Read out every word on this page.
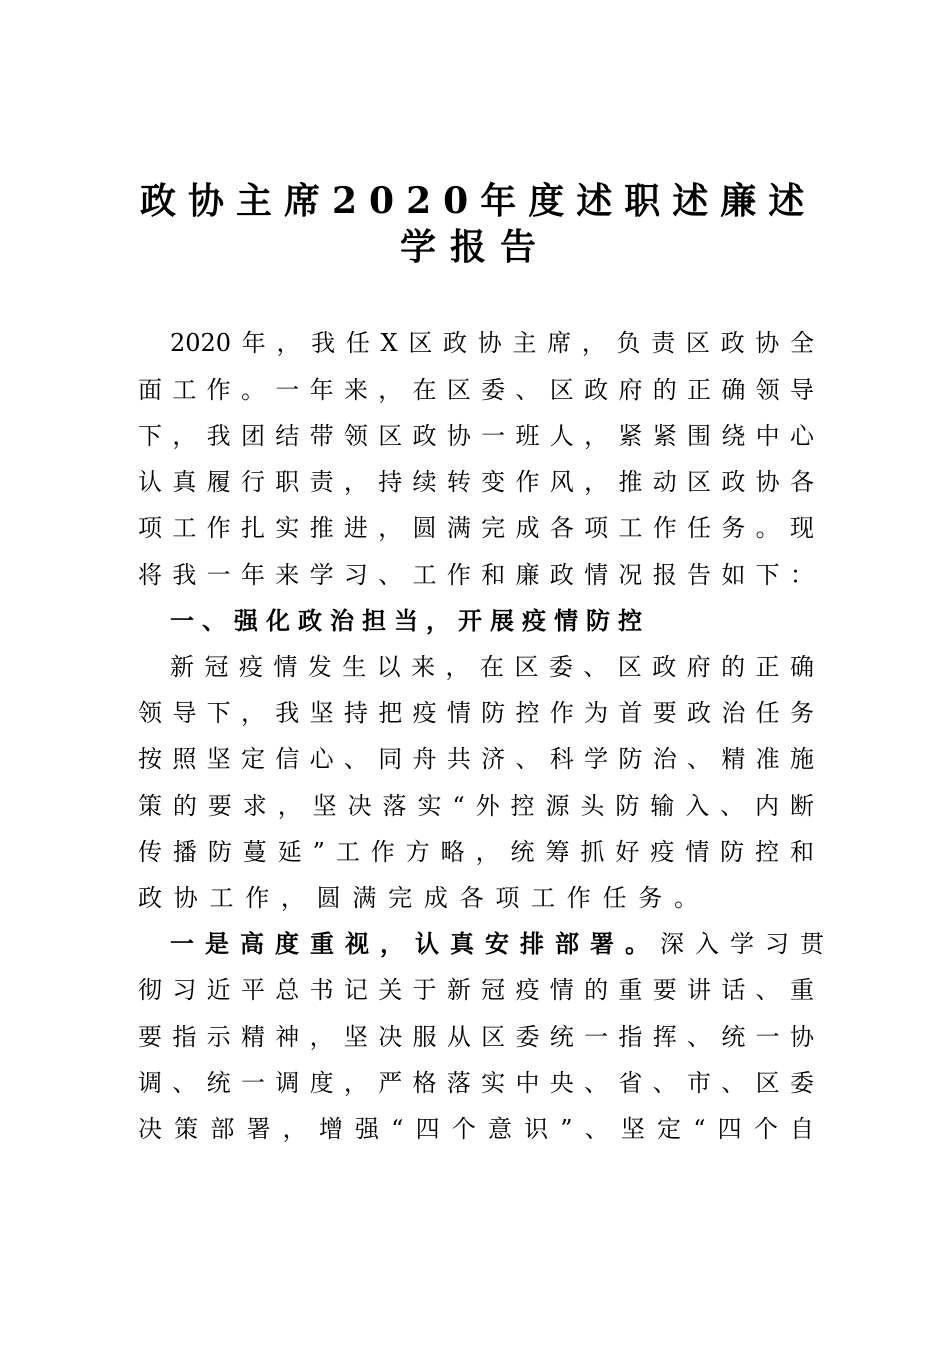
政协主席2020年度述职述廉述
学报告
2020年，我任X区政协主席，负责区政协全
面工作。一年来，在区委、区政府的正确领导
下，我团结带领区政协一班人，紧紧围绕中心
认真履行职责，持续转变作风，推动区政协各
项工作扎实推进，圆满完成各项工作任务。现
将我一年来学习、工作和廉政情况报告如下：
一、强化政治担当，开展疫情防控
新冠疫情发生以来，在区委、区政府的正确
领导下，我坚持把疫情防控作为首要政治任务
按照坚定信心、同舟共济、科学防治、精准施
策的要求，坚决落实“外控源头防输入、内断
传播防蔓延”工作方略，统筹抓好疫情防控和
政协工作，圆满完成各项工作任务。
一是高度重视，认真安排部署。深入学习贯
彻习近平总书记关于新冠疫情的重要讲话、重
要指示精神，坚决服从区委统一指挥、统一协
调、统一调度，严格落实中央、省、市、区委
决策部署，增强“四个意识”、坚定“四个自
